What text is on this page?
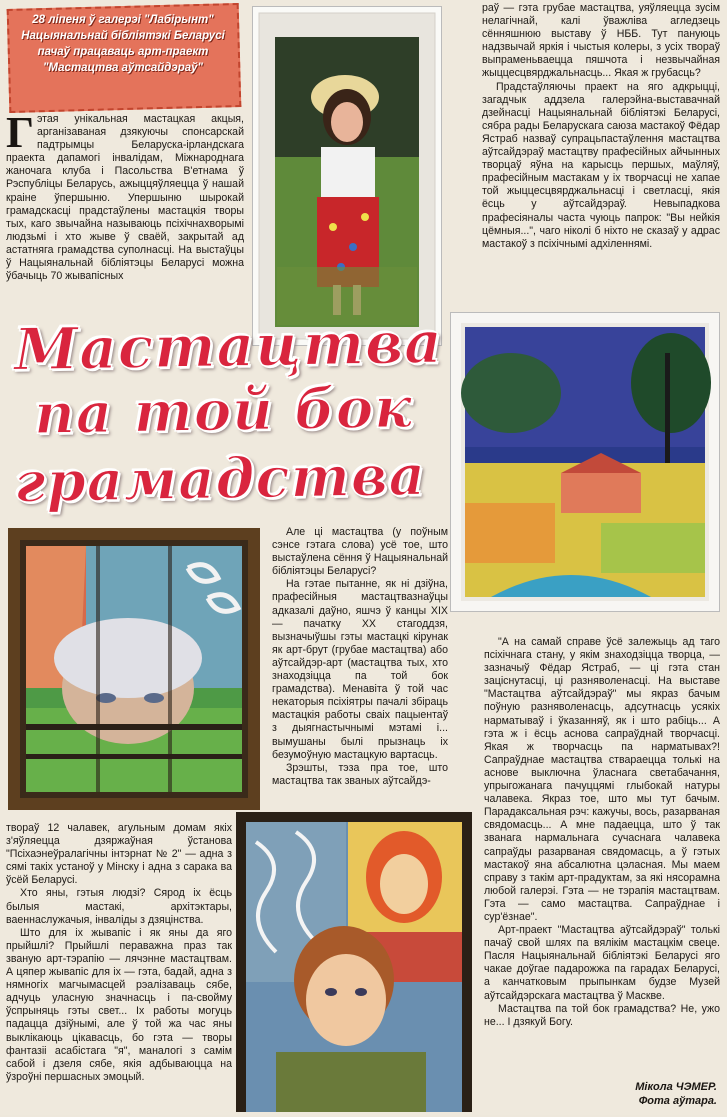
28 ліпеня ў галерэі "Лабірынт" Нацыянальнай бібліятэкі Беларусі пачаў працаваць арт-праект "Мастацтва аўтсайдэраў"

Гэтая унікальная мастацкая акцыя, арганізаваная дзякуючы спонсарскай падтрымцы Беларуска-ірландскага праекта дапамогі інвалідам, Міжнароднага жаночага клуба і Пасольства В'етнама ў Рэспубліцы Беларусь, ажыццяўляецца ў нашай краіне ўпершыню. Упершыню шырокай грамадскасці прадстаўлены мастацкія творы тых, каго звычайна называюць псіхічнахворымі людзьмі і хто жыве ў сваёй, закрытай ад астатняга грамадства суполнасці. На выстаўцы ў Нацыянальнай бібліятэцы Беларусі можна ўбачыць 70 жывапісных

раў — гэта грубае мастацтва, уяўляецца зусім нелагічнай, калі ўважліва агледзець сённяшнюю выставу ў НББ. Тут пануюць надзвычай яркія і чыстыя колеры, з усіх твораў выпраменьваецца пяшчота і незвычайная жыццесцвярджальнасць... Якая ж грубасць?

Прадстаўляючы праект на яго адкрыцці, загадчык аддзела галерэйна-выставачнай дзейнасці Нацыянальнай бібліятэкі Беларусі, сябра рады Беларускага саюза мастакоў Фёдар Ястраб назваў супрацьпастаўлення мастацтва аўтсайдэраў мастацтву прафесійных айчынных творцаў яўна на карысць першых, маўляў, прафесійным мастакам у іх творчасці не хапае той жыццесцвярджальнасці і светласці, якія ёсць у аўтсайдэраў. Невыпадкова прафесіяналы часта чуюць папрок: "Вы нейкія цёмныя...", чаго ніколі б ніхто не сказаў у адрас мастакоў з псіхічнымі адхіленнямі.

Мастацтва
па той бок
грамадства

Але ці мастацтва (у поўным сэнсе гэтага слова) усё тое, што выстаўлена сёння ў Нацыянальнай бібліятэцы Беларусі?

На гэтае пытанне, як ні дзіўна, прафесійныя мастацтвазнаўцы адказалі даўно, яшчэ ў канцы XIX — пачатку XX стагоддзя, вызначыўшы гэты мастацкі кірунак як арт-брут (грубае мастацтва) або аўтсайдэр-арт (мастацтва тых, хто знаходзіцца па той бок грамадства). Менавіта ў той час некаторыя псіхіятры пачалі збіраць мастацкія работы сваіх пацыентаў з дыягнастычнымі мэтамі і... вымушаны былі прызнаць іх безумоўную мастацкую вартасць.

Зрэшты, тэза пра тое, што мастацтва так званых аўтсайдэ-

твораў 12 чалавек, агульным домам якіх з'яўляецца дзяржаўная ўстанова "Псіхаэнеўралагічны інтэрнат № 2" — адна з сямі такіх устаноў у Мінску і адна з сарака ва ўсёй Беларусі.

Хто яны, гэтыя людзі? Сярод іх ёсць былыя мастакі, архітэктары, ваеннаслужачыя, інваліды з дзяцінства.

Што для іх жывапіс і як яны да яго прыйшлі? Прыйшлі пераважна праз так званую арт-тэрапію — лячэнне мастацтвам. А цяпер жывапіс для іх — гэта, бадай, адна з нямногіх магчымасцей рэалізаваць сябе, адчуць уласную значнасць і па-свойму ўспрыняць гэты свет... Іх работы могуць падацца дзіўнымі, але ў той жа час яны выклікаюць цікавасць, бо гэта — творы фантазіі асабістага "я", маналогі з самім сабой і дзеля сябе, якія адбываюцца на ўзроўні першасных эмоцый.

"А на самай справе ўсё залежыць ад таго псіхічнага стану, у якім знаходзіцца творца, — зазначыў Фёдар Ястраб, — ці гэта стан заціснутасці, ці разняволенасці. На выставе "Мастацтва аўтсайдэраў" мы якраз бачым поўную разняволенасць, адсутнасць усякіх нарматываў і ўказанняў, як і што рабіць... А гэта ж і ёсць аснова сапраўднай творчасці. Якая ж творчасць па нарматывах?! Сапраўднае мастацтва ствараецца толькі на аснове выключна ўласнага светабачання, упрыгожанага пачуццямі глыбокай натуры чалавека. Якраз тое, што мы тут бачым. Парадаксальная рэч: кажучы, вось, разарваная свядомасць... А мне падаецца, што ў так званага нармальнага сучаснага чалавека сапраўды разарваная свядомасць, а ў гэтых мастакоў яна абсалютна цэласная. Мы маем справу з такім арт-прадуктам, за які нясорамна любой галерэі. Гэта — не тэрапія мастацтвам. Гэта — само мастацтва. Сапраўднае і сур'ёзнае".

Арт-праект "Мастацтва аўтсайдэраў" толькі пачаў свой шлях па вялікім мастацкім свеце. Пасля Нацыянальнай бібліятэкі Беларусі яго чакае доўгае падарожжа па гарадах Беларусі, а канчатковым прыпынкам будзе Музей аўтсайдэрскага мастацтва ў Маскве.

Мастацтва па той бок грамадства? Не, ужо не... І дзякуй Богу.

Мікола ЧЭМЕР.
Фота аўтара.
